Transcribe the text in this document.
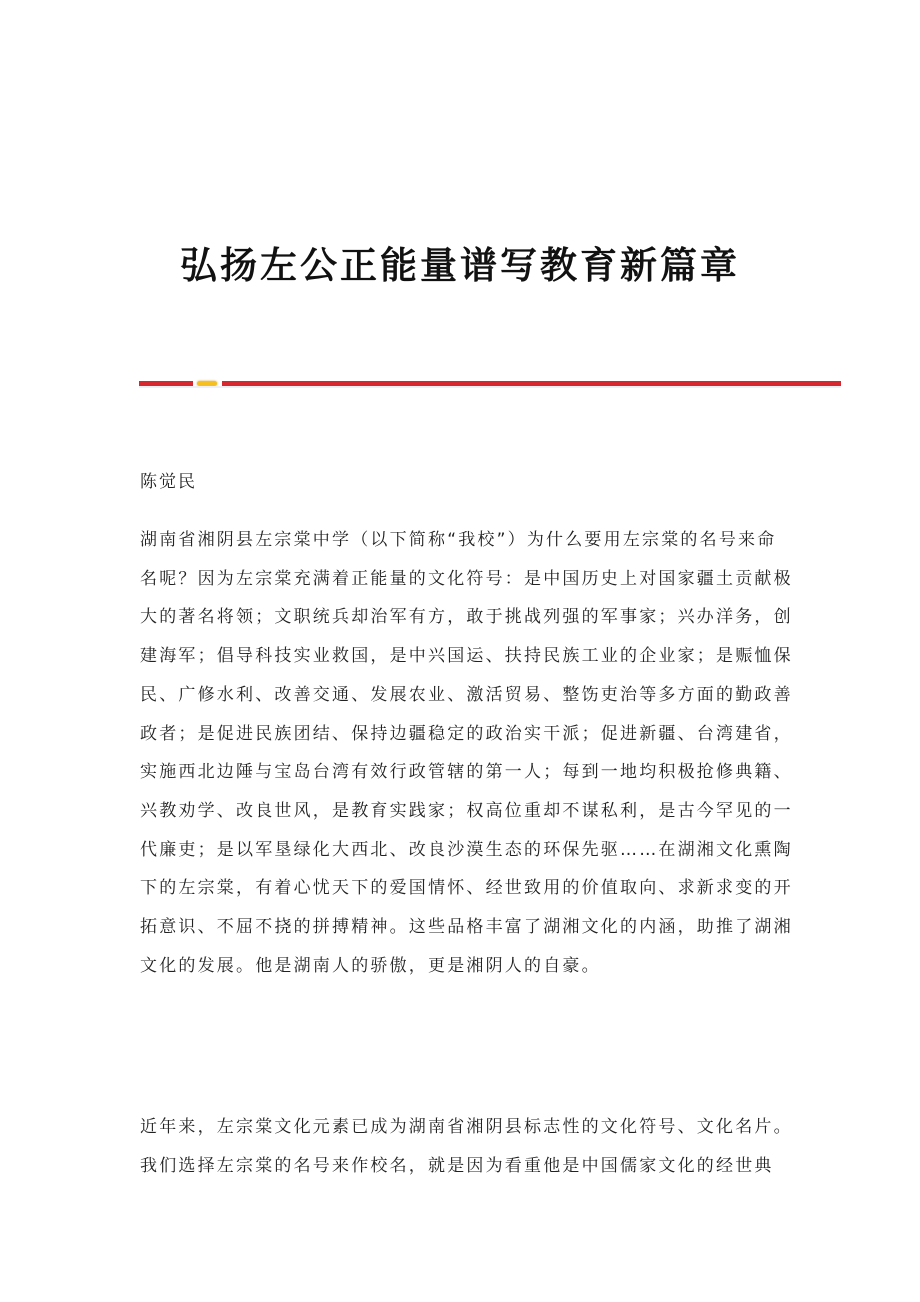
弘扬左公正能量谱写教育新篇章
陈觉民
湖南省湘阴县左宗棠中学（以下简称“我校”）为什么要用左宗棠的名号来命
名呢？因为左宗棠充满着正能量的文化符号：是中国历史上对国家疆土贡献极
大的著名将领；文职统兵却治军有方，敢于挑战列强的军事家；兴办洋务，创
建海军；倡导科技实业救国，是中兴国运、扶持民族工业的企业家；是赈恤保
民、广修水利、改善交通、发展农业、激活贸易、整饬吏治等多方面的勤政善
政者；是促进民族团结、保持边疆稳定的政治实干派；促进新疆、台湾建省，
实施西北边陲与宝岛台湾有效行政管辖的第一人；每到一地均积极抢修典籍、
兴教劝学、改良世风，是教育实践家；权高位重却不谋私利，是古今罕见的一
代廉吏；是以军垦绿化大西北、改良沙漠生态的环保先驱……在湖湘文化熏陶
下的左宗棠，有着心忧天下的爱国情怀、经世致用的价值取向、求新求变的开
拓意识、不屈不挠的拼搏精神。这些品格丰富了湖湘文化的内涵，助推了湖湘
文化的发展。他是湖南人的骄傲，更是湘阴人的自豪。
近年来，左宗棠文化元素已成为湖南省湘阴县标志性的文化符号、文化名片。
我们选择左宗棠的名号来作校名，就是因为看重他是中国儒家文化的经世典
